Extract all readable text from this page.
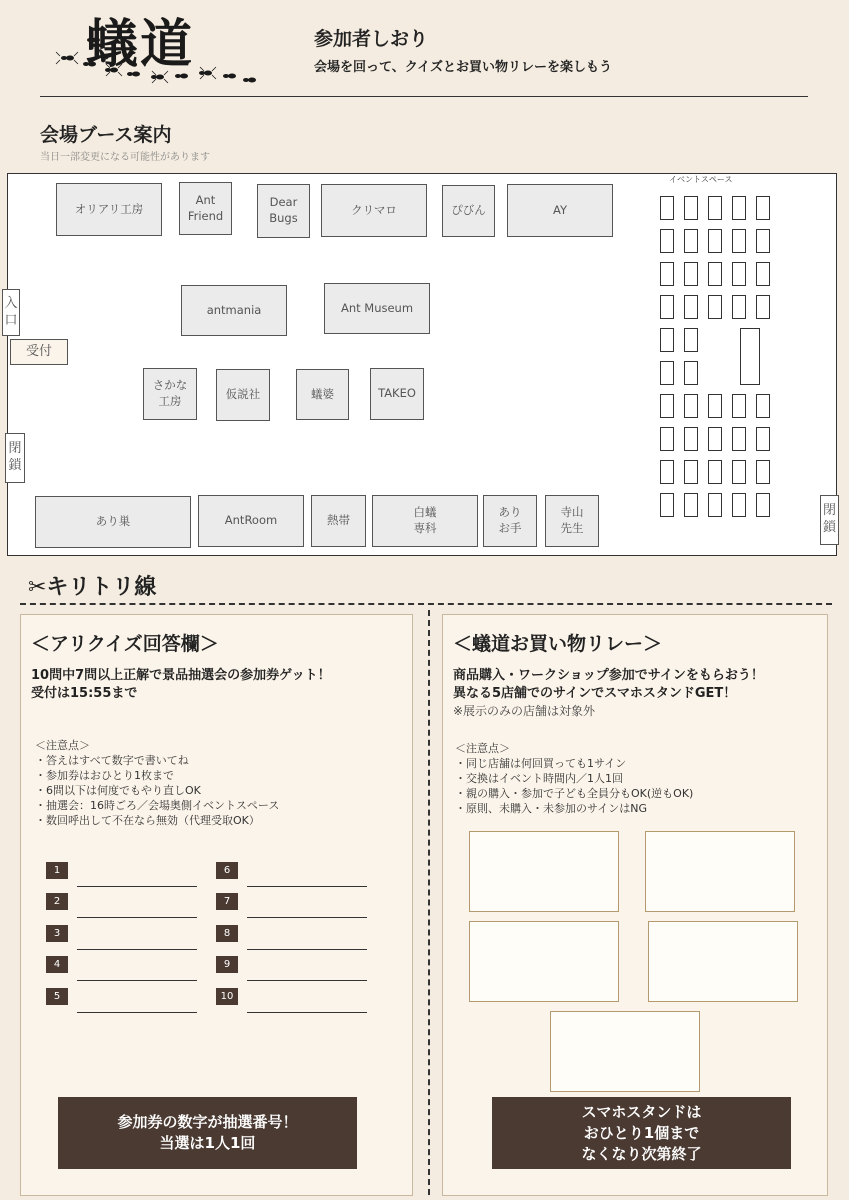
蟻道	参加者しおり
会場を回って、クイズとお買い物リレーを楽しもう
会場ブース案内
当日一部変更になる可能性があります
オリアリ工房
Ant
Friend
Dear
Bugs
クリマロ	ぴびん	AY
antmania	Ant Museum
さかな
工房	仮説社	蟻婆	TAKEO
あり巣	AntRoom	熱帯
白蟻
専科
あり
お手
寺山
先生
イベントスペース
入
口
受付
閉
鎖
閉
鎖
✂キリトリ線
＜アリクイズ回答欄＞
10問中7問以上正解で景品抽選会の参加券ゲット！
受付は15:55まで
＜注意点＞
・答えはすべて数字で書いてね
・参加券はおひとり1枚まで
・6問以下は何度でもやり直しOK
・抽選会：16時ごろ／会場奥側イベントスペース
・数回呼出して不在なら無効（代理受取OK）
1
2
3
4
5
6
7
8
9
10
参加券の数字が抽選番号！
当選は1人1回
＜蟻道お買い物リレー＞
商品購入・ワークショップ参加でサインをもらおう！
異なる5店舗でのサインでスマホスタンドGET！
※展示のみの店舗は対象外
＜注意点＞
・同じ店舗は何回買っても1サイン
・交換はイベント時間内／1人1回
・親の購入・参加で子ども全員分もOK(逆もOK)
・原則、未購入・未参加のサインはNG
スマホスタンドは
おひとり1個まで
なくなり次第終了
